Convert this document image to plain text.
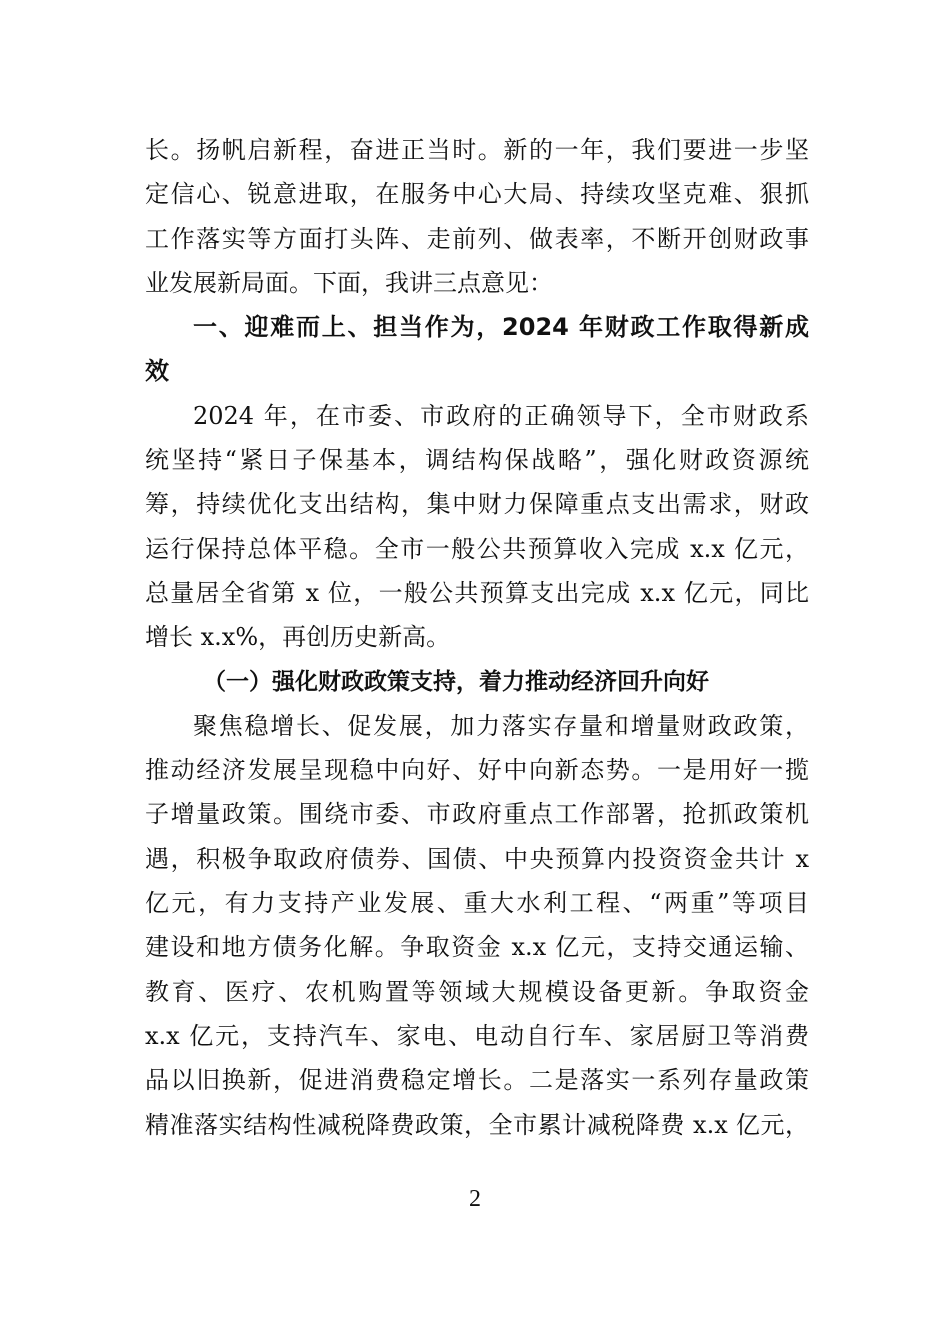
长。扬帆启新程，奋进正当时。新的一年，我们要进一步坚
定信心、锐意进取，在服务中心大局、持续攻坚克难、狠抓
工作落实等方面打头阵、走前列、做表率，不断开创财政事
业发展新局面。下面，我讲三点意见：
一、迎难而上、担当作为，2024 年财政工作取得新成
效
2024 年，在市委、市政府的正确领导下，全市财政系
统坚持“紧日子保基本，调结构保战略”，强化财政资源统
筹，持续优化支出结构，集中财力保障重点支出需求，财政
运行保持总体平稳。全市一般公共预算收入完成 x.x 亿元，
总量居全省第 x 位，一般公共预算支出完成 x.x 亿元，同比
增长 x.x%，再创历史新高。
（一）强化财政政策支持，着力推动经济回升向好
聚焦稳增长、促发展，加力落实存量和增量财政政策，
推动经济发展呈现稳中向好、好中向新态势。一是用好一揽
子增量政策。围绕市委、市政府重点工作部署，抢抓政策机
遇，积极争取政府债券、国债、中央预算内投资资金共计 x
亿元，有力支持产业发展、重大水利工程、“两重”等项目
建设和地方债务化解。争取资金 x.x 亿元，支持交通运输、
教育、医疗、农机购置等领域大规模设备更新。争取资金
x.x 亿元，支持汽车、家电、电动自行车、家居厨卫等消费
品以旧换新，促进消费稳定增长。二是落实一系列存量政策
精准落实结构性减税降费政策，全市累计减税降费 x.x 亿元，
2
